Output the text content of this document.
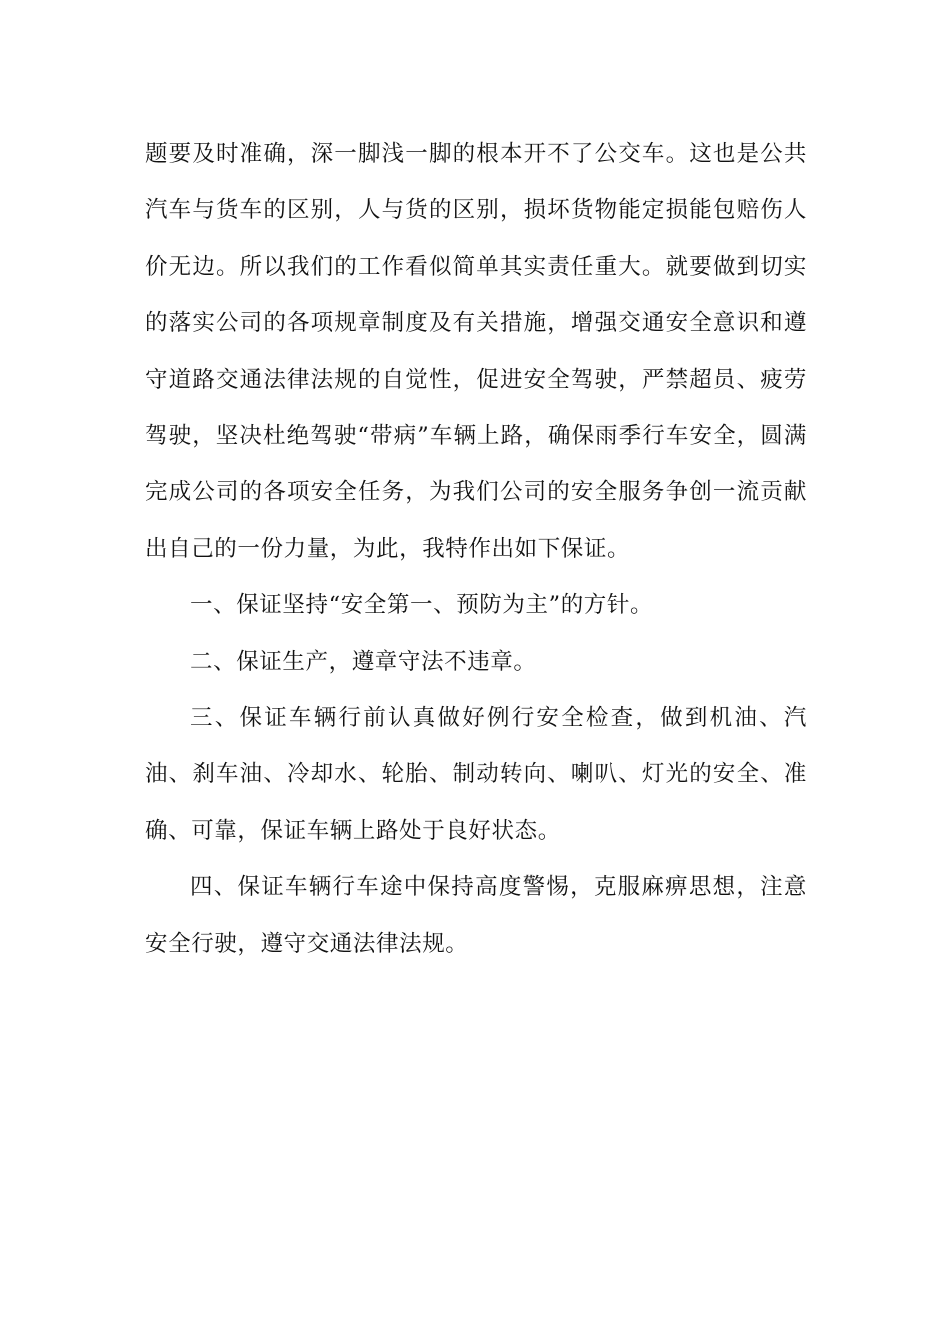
题要及时准确，深一脚浅一脚的根本开不了公交车。这也是公共汽车与货车的区别，人与货的区别，损坏货物能定损能包赔伤人价无边。所以我们的工作看似简单其实责任重大。就要做到切实的落实公司的各项规章制度及有关措施，增强交通安全意识和遵守道路交通法律法规的自觉性，促进安全驾驶，严禁超员、疲劳驾驶，坚决杜绝驾驶“带病”车辆上路，确保雨季行车安全，圆满完成公司的各项安全任务，为我们公司的安全服务争创一流贡献出自己的一份力量，为此，我特作出如下保证。

一、保证坚持“安全第一、预防为主”的方针。

二、保证生产，遵章守法不违章。

三、保证车辆行前认真做好例行安全检查，做到机油、汽油、刹车油、冷却水、轮胎、制动转向、喇叭、灯光的安全、准确、可靠，保证车辆上路处于良好状态。

四、保证车辆行车途中保持高度警惕，克服麻痹思想，注意安全行驶，遵守交通法律法规。
